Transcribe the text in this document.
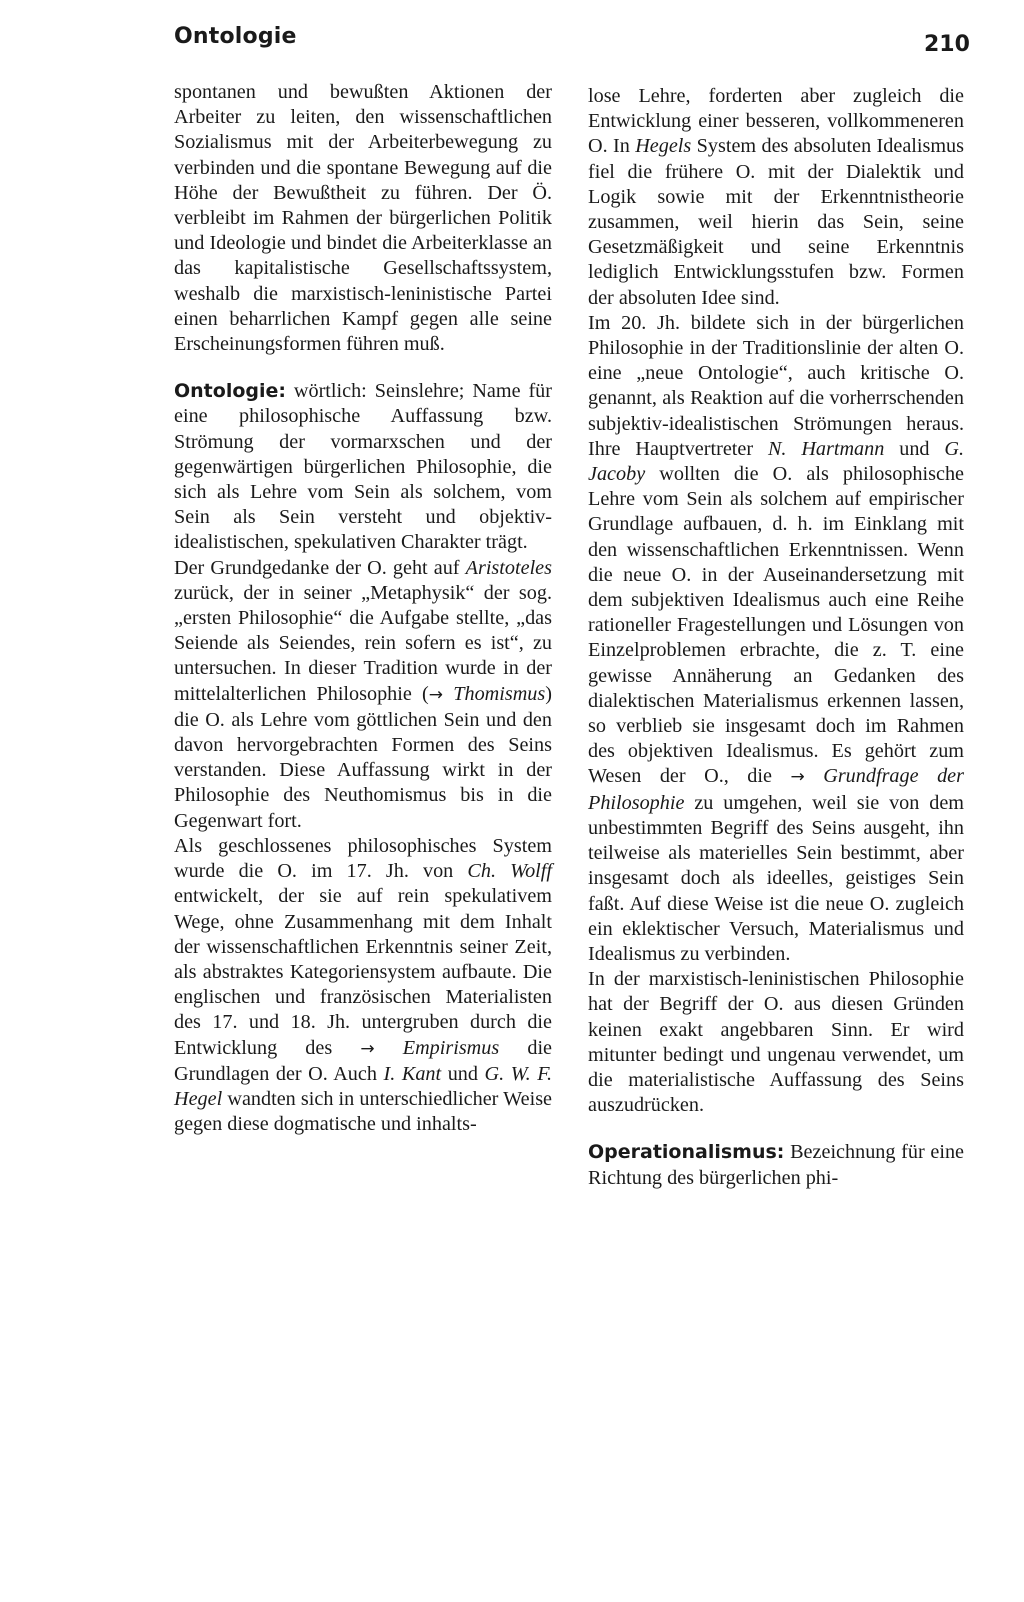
Ontologie	210

spontanen und bewußten Aktionen der Arbeiter zu leiten, den wissenschaftlichen Sozialismus mit der Arbeiterbewegung zu verbinden und die spontane Bewegung auf die Höhe der Bewußtheit zu führen. Der Ö. verbleibt im Rahmen der bürgerlichen Politik und Ideologie und bindet die Arbeiterklasse an das kapitalistische Gesellschaftssystem, weshalb die marxistisch-leninistische Partei einen beharrlichen Kampf gegen alle seine Erscheinungsformen führen muß.

Ontologie: wörtlich: Seinslehre; Name für eine philosophische Auffassung bzw. Strömung der vormarxschen und der gegenwärtigen bürgerlichen Philosophie, die sich als Lehre vom Sein als solchem, vom Sein als Sein versteht und objektiv-idealistischen, spekulativen Charakter trägt.

Der Grundgedanke der O. geht auf Aristoteles zurück, der in seiner „Metaphysik“ der sog. „ersten Philosophie“ die Aufgabe stellte, „das Seiende als Seiendes, rein sofern es ist“, zu untersuchen. In dieser Tradition wurde in der mittelalterlichen Philosophie (→ Thomismus) die O. als Lehre vom göttlichen Sein und den davon hervorgebrachten Formen des Seins verstanden. Diese Auffassung wirkt in der Philosophie des Neuthomismus bis in die Gegenwart fort.

Als geschlossenes philosophisches System wurde die O. im 17. Jh. von Ch. Wolff entwickelt, der sie auf rein spekulativem Wege, ohne Zusammenhang mit dem Inhalt der wissenschaftlichen Erkenntnis seiner Zeit, als abstraktes Kategoriensystem aufbaute. Die englischen und französischen Materialisten des 17. und 18. Jh. untergruben durch die Entwicklung des → Empirismus die Grundlagen der O. Auch I. Kant und G. W. F. Hegel wandten sich in unterschiedlicher Weise gegen diese dogmatische und inhalts-

lose Lehre, forderten aber zugleich die Entwicklung einer besseren, vollkommeneren O. In Hegels System des absoluten Idealismus fiel die frühere O. mit der Dialektik und Logik sowie mit der Erkenntnistheorie zusammen, weil hierin das Sein, seine Gesetzmäßigkeit und seine Erkenntnis lediglich Entwicklungsstufen bzw. Formen der absoluten Idee sind.

Im 20. Jh. bildete sich in der bürgerlichen Philosophie in der Traditionslinie der alten O. eine „neue Ontologie“, auch kritische O. genannt, als Reaktion auf die vorherrschenden subjektiv-idealistischen Strömungen heraus. Ihre Hauptvertreter N. Hartmann und G. Jacoby wollten die O. als philosophische Lehre vom Sein als solchem auf empirischer Grundlage aufbauen, d. h. im Einklang mit den wissenschaftlichen Erkenntnissen. Wenn die neue O. in der Auseinandersetzung mit dem subjektiven Idealismus auch eine Reihe rationeller Fragestellungen und Lösungen von Einzelproblemen erbrachte, die z. T. eine gewisse Annäherung an Gedanken des dialektischen Materialismus erkennen lassen, so verblieb sie insgesamt doch im Rahmen des objektiven Idealismus. Es gehört zum Wesen der O., die → Grundfrage der Philosophie zu umgehen, weil sie von dem unbestimmten Begriff des Seins ausgeht, ihn teilweise als materielles Sein bestimmt, aber insgesamt doch als ideelles, geistiges Sein faßt. Auf diese Weise ist die neue O. zugleich ein eklektischer Versuch, Materialismus und Idealismus zu verbinden.

In der marxistisch-leninistischen Philosophie hat der Begriff der O. aus diesen Gründen keinen exakt angebbaren Sinn. Er wird mitunter bedingt und ungenau verwendet, um die materialistische Auffassung des Seins auszudrücken.

Operationalismus: Bezeichnung für eine Richtung des bürgerlichen phi-
